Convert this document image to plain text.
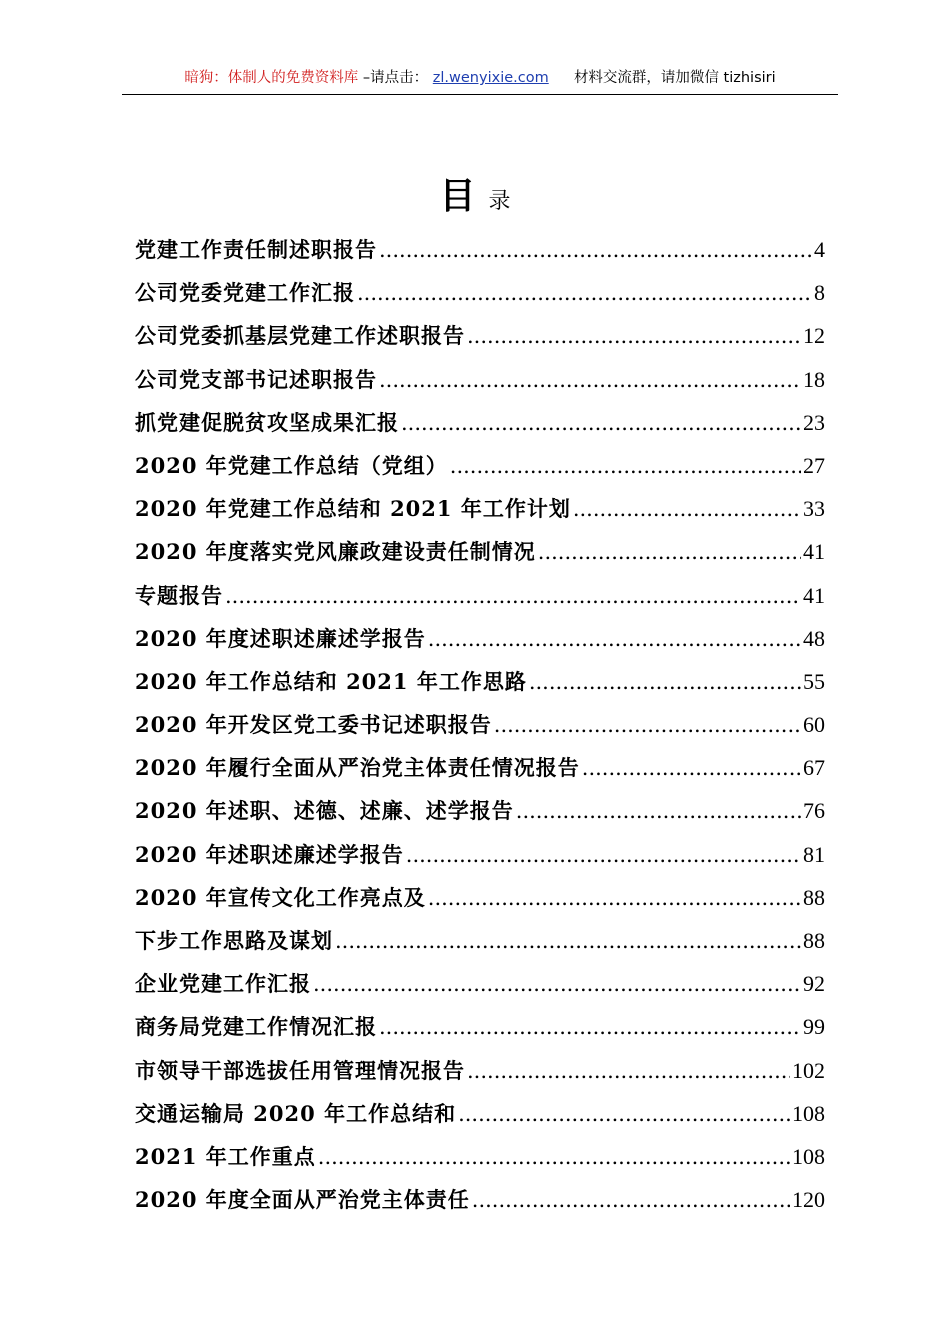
暗狗：体制人的免费资料库 –请点击： zl.wenyixie.com 材料交流群，请加微信 tizhisiri
目 录
党建工作责任制述职报告 .....	4
公司党委党建工作汇报 .....	8
公司党委抓基层党建工作述职报告 .....	12
公司党支部书记述职报告 .....	18
抓党建促脱贫攻坚成果汇报 .....	23
2020 年党建工作总结（党组） .....	27
2020 年党建工作总结和 2021 年工作计划 .....	33
2020 年度落实党风廉政建设责任制情况 .....	41
专题报告 .....	41
2020 年度述职述廉述学报告 .....	48
2020 年工作总结和 2021 年工作思路 .....	55
2020 年开发区党工委书记述职报告 .....	60
2020 年履行全面从严治党主体责任情况报告 .....	67
2020 年述职、述德、述廉、述学报告 .....	76
2020 年述职述廉述学报告 .....	81
2020 年宣传文化工作亮点及 .....	88
下步工作思路及谋划 .....	88
企业党建工作汇报 .....	92
商务局党建工作情况汇报 .....	99
市领导干部选拔任用管理情况报告 .....	102
交通运输局 2020 年工作总结和 .....	108
2021 年工作重点 .....	108
2020 年度全面从严治党主体责任 .....	120
